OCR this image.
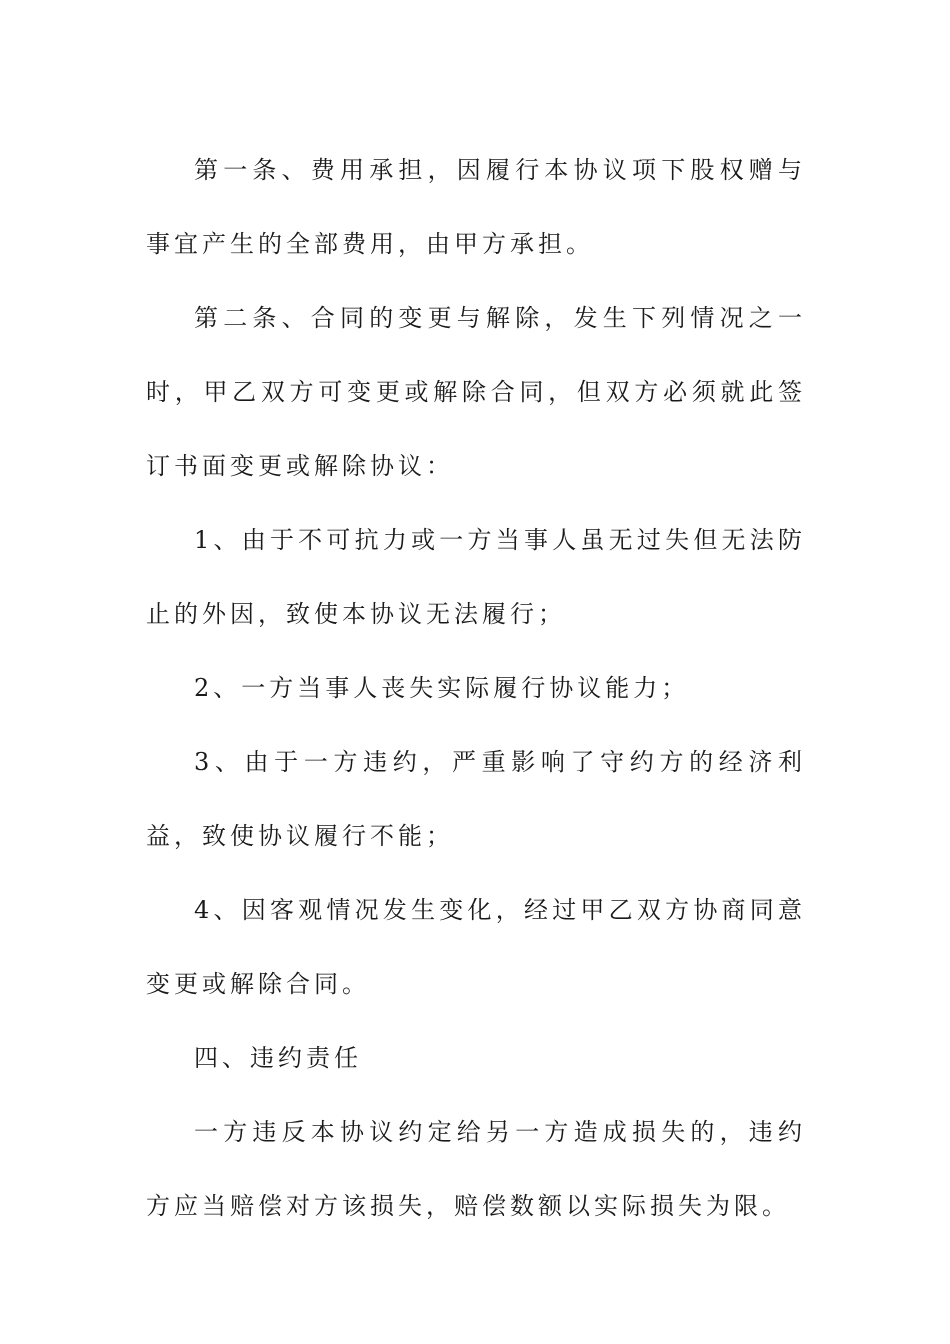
第一条、费用承担，因履行本协议项下股权赠与事宜产生的全部费用，由甲方承担。

第二条、合同的变更与解除，发生下列情况之一时，甲乙双方可变更或解除合同，但双方必须就此签订书面变更或解除协议：

1、由于不可抗力或一方当事人虽无过失但无法防止的外因，致使本协议无法履行；

2、一方当事人丧失实际履行协议能力；

3、由于一方违约，严重影响了守约方的经济利益，致使协议履行不能；

4、因客观情况发生变化，经过甲乙双方协商同意变更或解除合同。

四、违约责任

一方违反本协议约定给另一方造成损失的，违约方应当赔偿对方该损失，赔偿数额以实际损失为限。
